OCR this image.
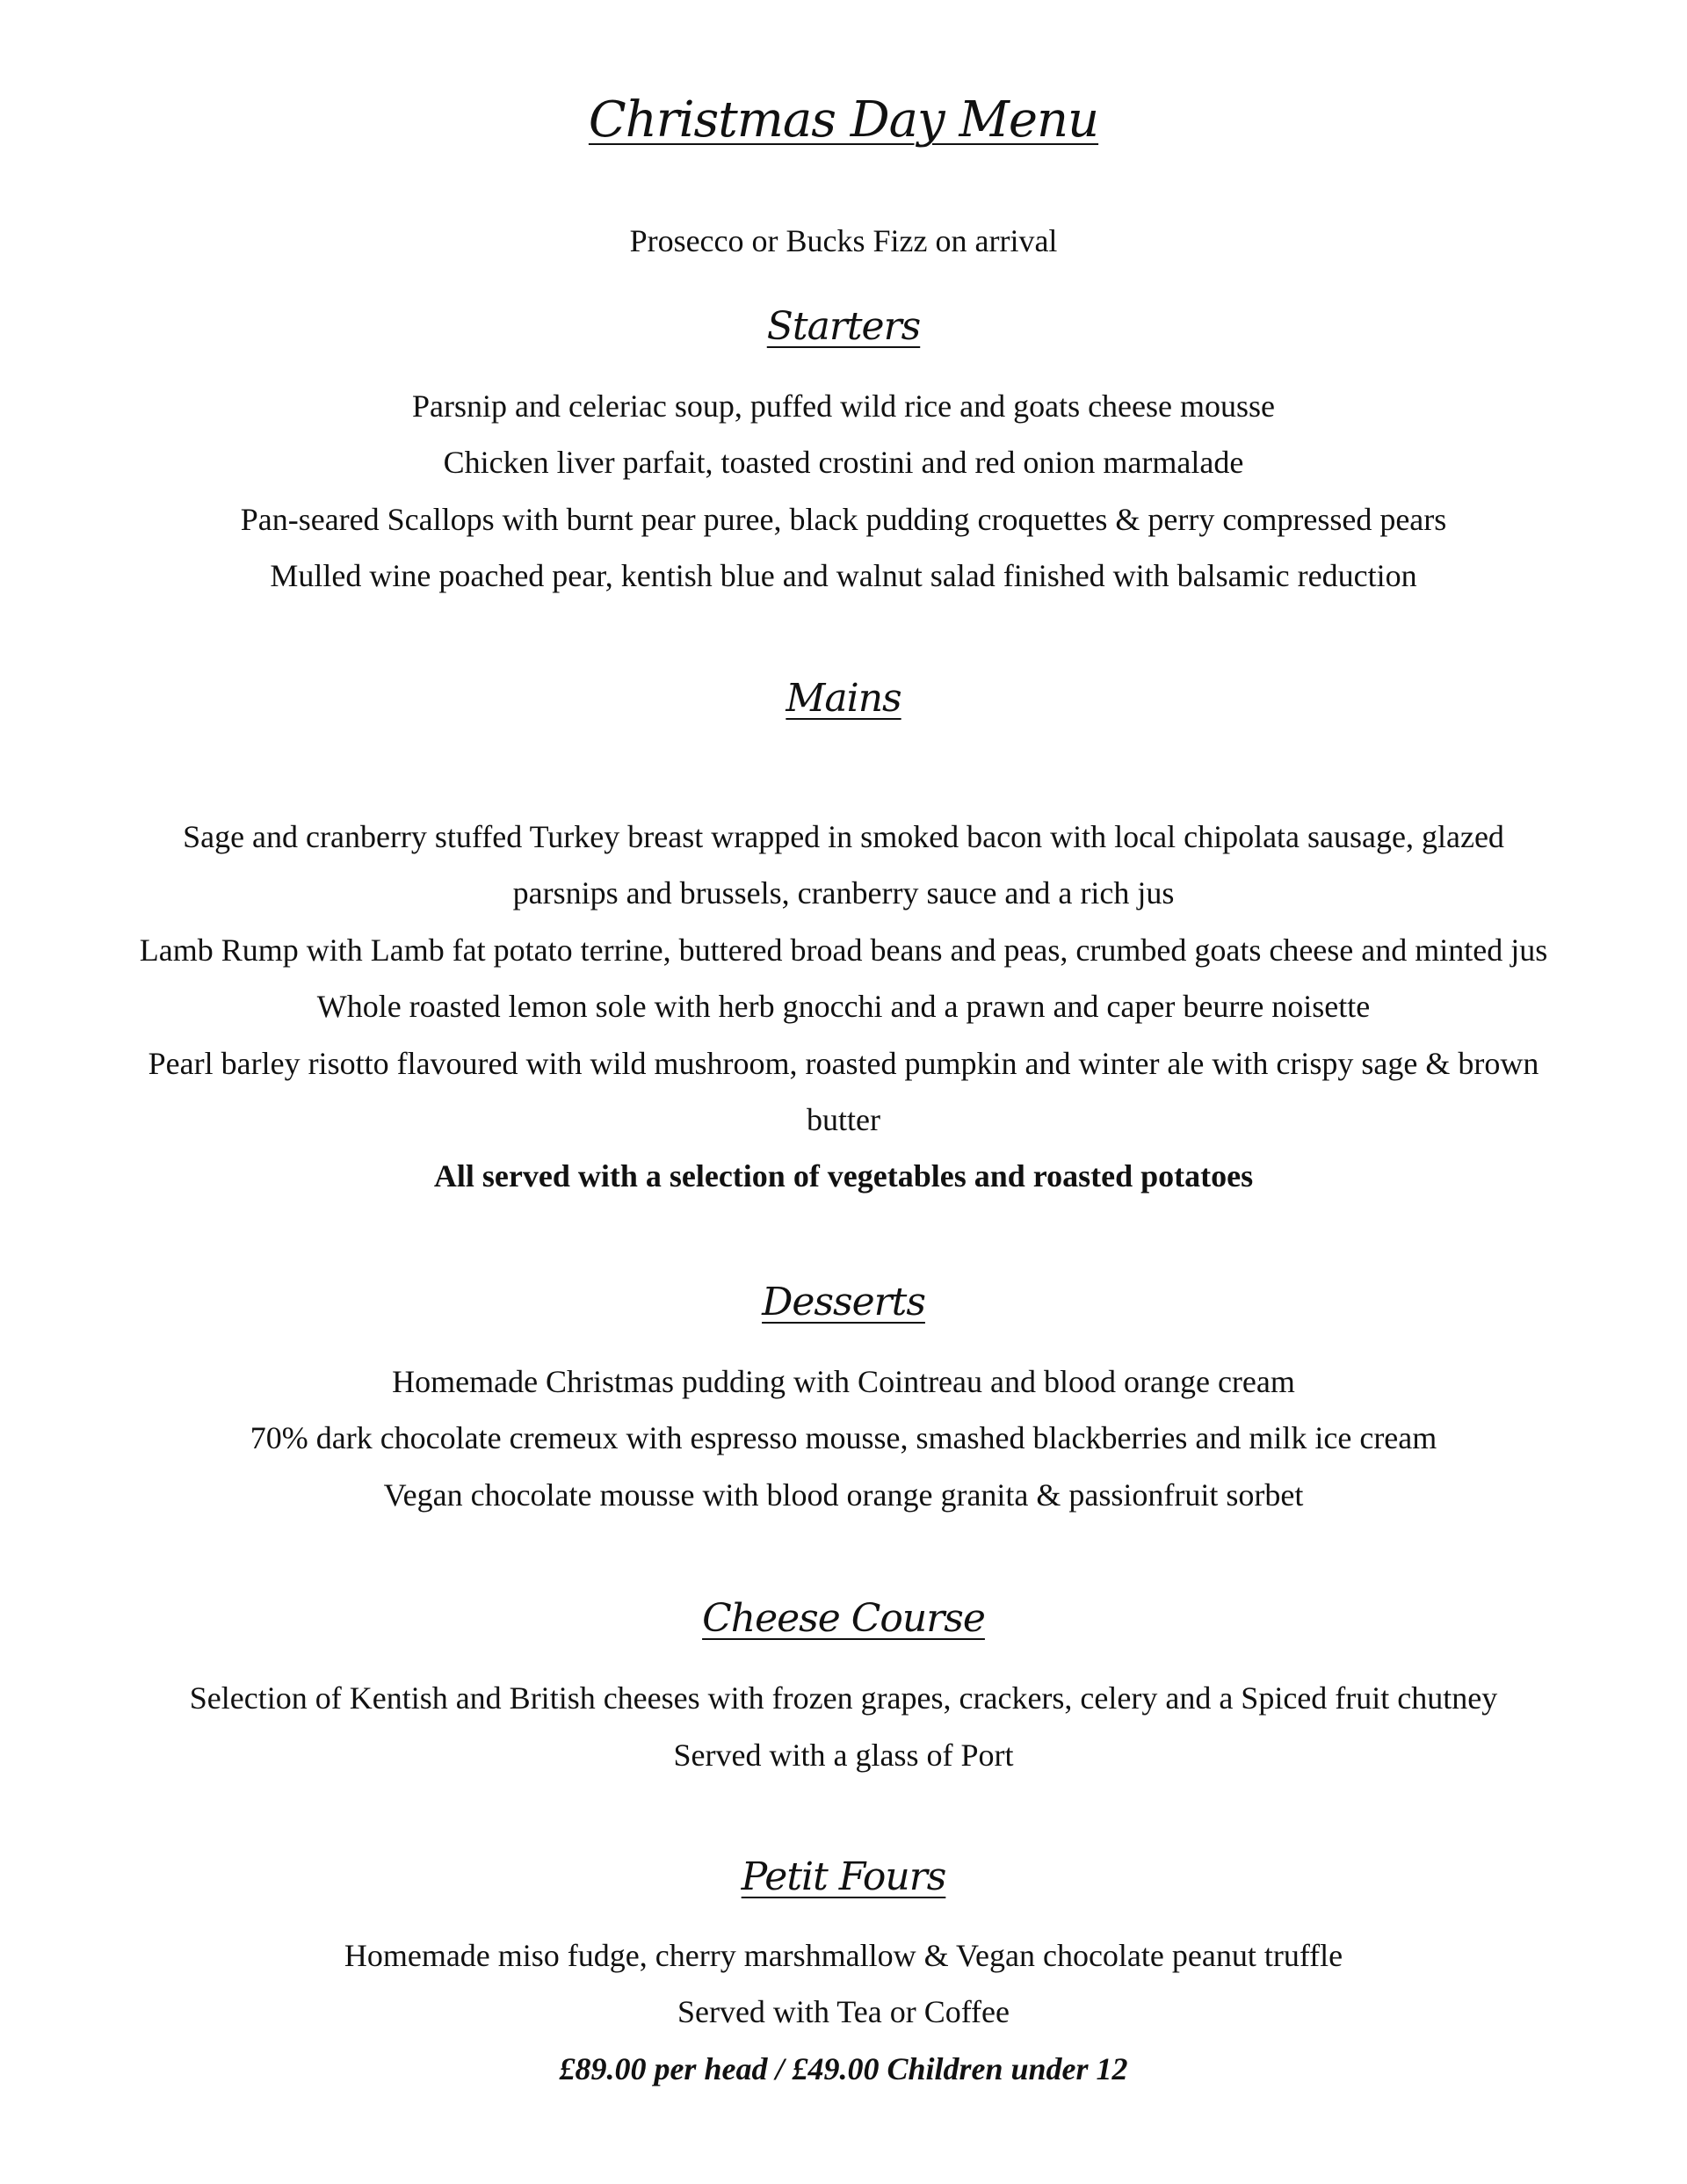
Christmas Day Menu
Prosecco or Bucks Fizz on arrival
Starters
Parsnip and celeriac soup, puffed wild rice and goats cheese mousse
Chicken liver parfait, toasted crostini and red onion marmalade
Pan-seared Scallops with burnt pear puree, black pudding croquettes & perry compressed pears
Mulled wine poached pear, kentish blue and walnut salad finished with balsamic reduction
Mains
Sage and cranberry stuffed Turkey breast wrapped in smoked bacon with local chipolata sausage, glazed
parsnips and brussels, cranberry sauce and a rich jus
Lamb Rump with Lamb fat potato terrine, buttered broad beans and peas, crumbed goats cheese and minted jus
Whole roasted lemon sole with herb gnocchi and a prawn and caper beurre noisette
Pearl barley risotto flavoured with wild mushroom, roasted pumpkin and winter ale with crispy sage & brown
butter
All served with a selection of vegetables and roasted potatoes
Desserts
Homemade Christmas pudding with Cointreau and blood orange cream
70% dark chocolate cremeux with espresso mousse, smashed blackberries and milk ice cream
Vegan chocolate mousse with blood orange granita & passionfruit sorbet
Cheese Course
Selection of Kentish and British cheeses with frozen grapes, crackers, celery and a Spiced fruit chutney
Served with a glass of Port
Petit Fours
Homemade miso fudge, cherry marshmallow & Vegan chocolate peanut truffle
Served with Tea or Coffee
£89.00 per head / £49.00 Children under 12
